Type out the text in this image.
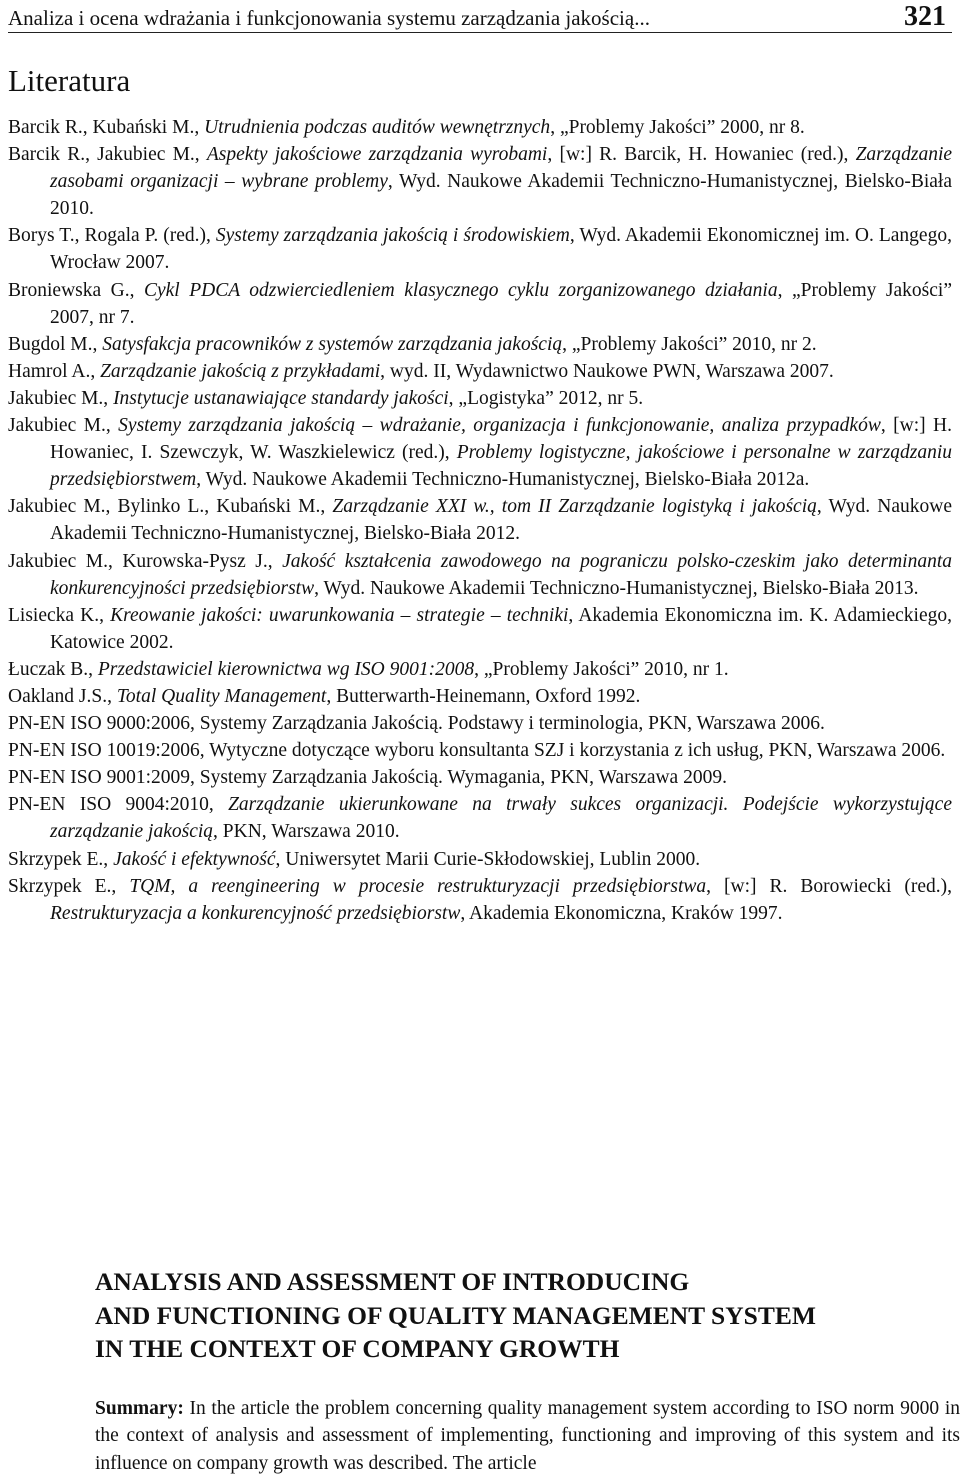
Analiza i ocena wdrażania i funkcjonowania systemu zarządzania jakością...	321
Literatura
Barcik R., Kubański M., Utrudnienia podczas auditów wewnętrznych, „Problemy Jakości” 2000, nr 8.
Barcik R., Jakubiec M., Aspekty jakościowe zarządzania wyrobami, [w:] R. Barcik, H. Howaniec (red.), Zarządzanie zasobami organizacji – wybrane problemy, Wyd. Naukowe Akademii Techniczno-Humanistycznej, Bielsko-Biała 2010.
Borys T., Rogala P. (red.), Systemy zarządzania jakością i środowiskiem, Wyd. Akademii Ekonomicznej im. O. Langego, Wrocław 2007.
Broniewska G., Cykl PDCA odzwierciedleniem klasycznego cyklu zorganizowanego działania, „Problemy Jakości” 2007, nr 7.
Bugdol M., Satysfakcja pracowników z systemów zarządzania jakością, „Problemy Jakości” 2010, nr 2.
Hamrol A., Zarządzanie jakością z przykładami, wyd. II, Wydawnictwo Naukowe PWN, Warszawa 2007.
Jakubiec M., Instytucje ustanawiające standardy jakości, „Logistyka” 2012, nr 5.
Jakubiec M., Systemy zarządzania jakością – wdrażanie, organizacja i funkcjonowanie, analiza przypadków, [w:] H. Howaniec, I. Szewczyk, W. Waszkielewicz (red.), Problemy logistyczne, jakościowe i personalne w zarządzaniu przedsiębiorstwem, Wyd. Naukowe Akademii Techniczno-Humanistycznej, Bielsko-Biała 2012a.
Jakubiec M., Bylinko L., Kubański M., Zarządzanie XXI w., tom II Zarządzanie logistyką i jakością, Wyd. Naukowe Akademii Techniczno-Humanistycznej, Bielsko-Biała 2012.
Jakubiec M., Kurowska-Pysz J., Jakość kształcenia zawodowego na pograniczu polsko-czeskim jako determinanta konkurencyjności przedsiębiorstw, Wyd. Naukowe Akademii Techniczno-Humanistycznej, Bielsko-Biała 2013.
Lisiecka K., Kreowanie jakości: uwarunkowania – strategie – techniki, Akademia Ekonomiczna im. K. Adamieckiego, Katowice 2002.
Łuczak B., Przedstawiciel kierownictwa wg ISO 9001:2008, „Problemy Jakości” 2010, nr 1.
Oakland J.S., Total Quality Management, Butterwarth-Heinemann, Oxford 1992.
PN-EN ISO 9000:2006, Systemy Zarządzania Jakością. Podstawy i terminologia, PKN, Warszawa 2006.
PN-EN ISO 10019:2006, Wytyczne dotyczące wyboru konsultanta SZJ i korzystania z ich usług, PKN, Warszawa 2006.
PN-EN ISO 9001:2009, Systemy Zarządzania Jakością. Wymagania, PKN, Warszawa 2009.
PN-EN ISO 9004:2010, Zarządzanie ukierunkowane na trwały sukces organizacji. Podejście wykorzystujące zarządzanie jakością, PKN, Warszawa 2010.
Skrzypek E., Jakość i efektywność, Uniwersytet Marii Curie-Skłodowskiej, Lublin 2000.
Skrzypek E., TQM, a reengineering w procesie restrukturyzacji przedsiębiorstwa, [w:] R. Borowiecki (red.), Restrukturyzacja a konkurencyjność przedsiębiorstw, Akademia Ekonomiczna, Kraków 1997.
ANALYSIS AND ASSESSMENT OF INTRODUCING
AND FUNCTIONING OF QUALITY MANAGEMENT SYSTEM
IN THE CONTEXT OF COMPANY GROWTH

Summary: In the article the problem concerning quality management system according to ISO norm 9000 in the context of analysis and assessment of implementing, functioning and improving of this system and its influence on company growth was described. The article
